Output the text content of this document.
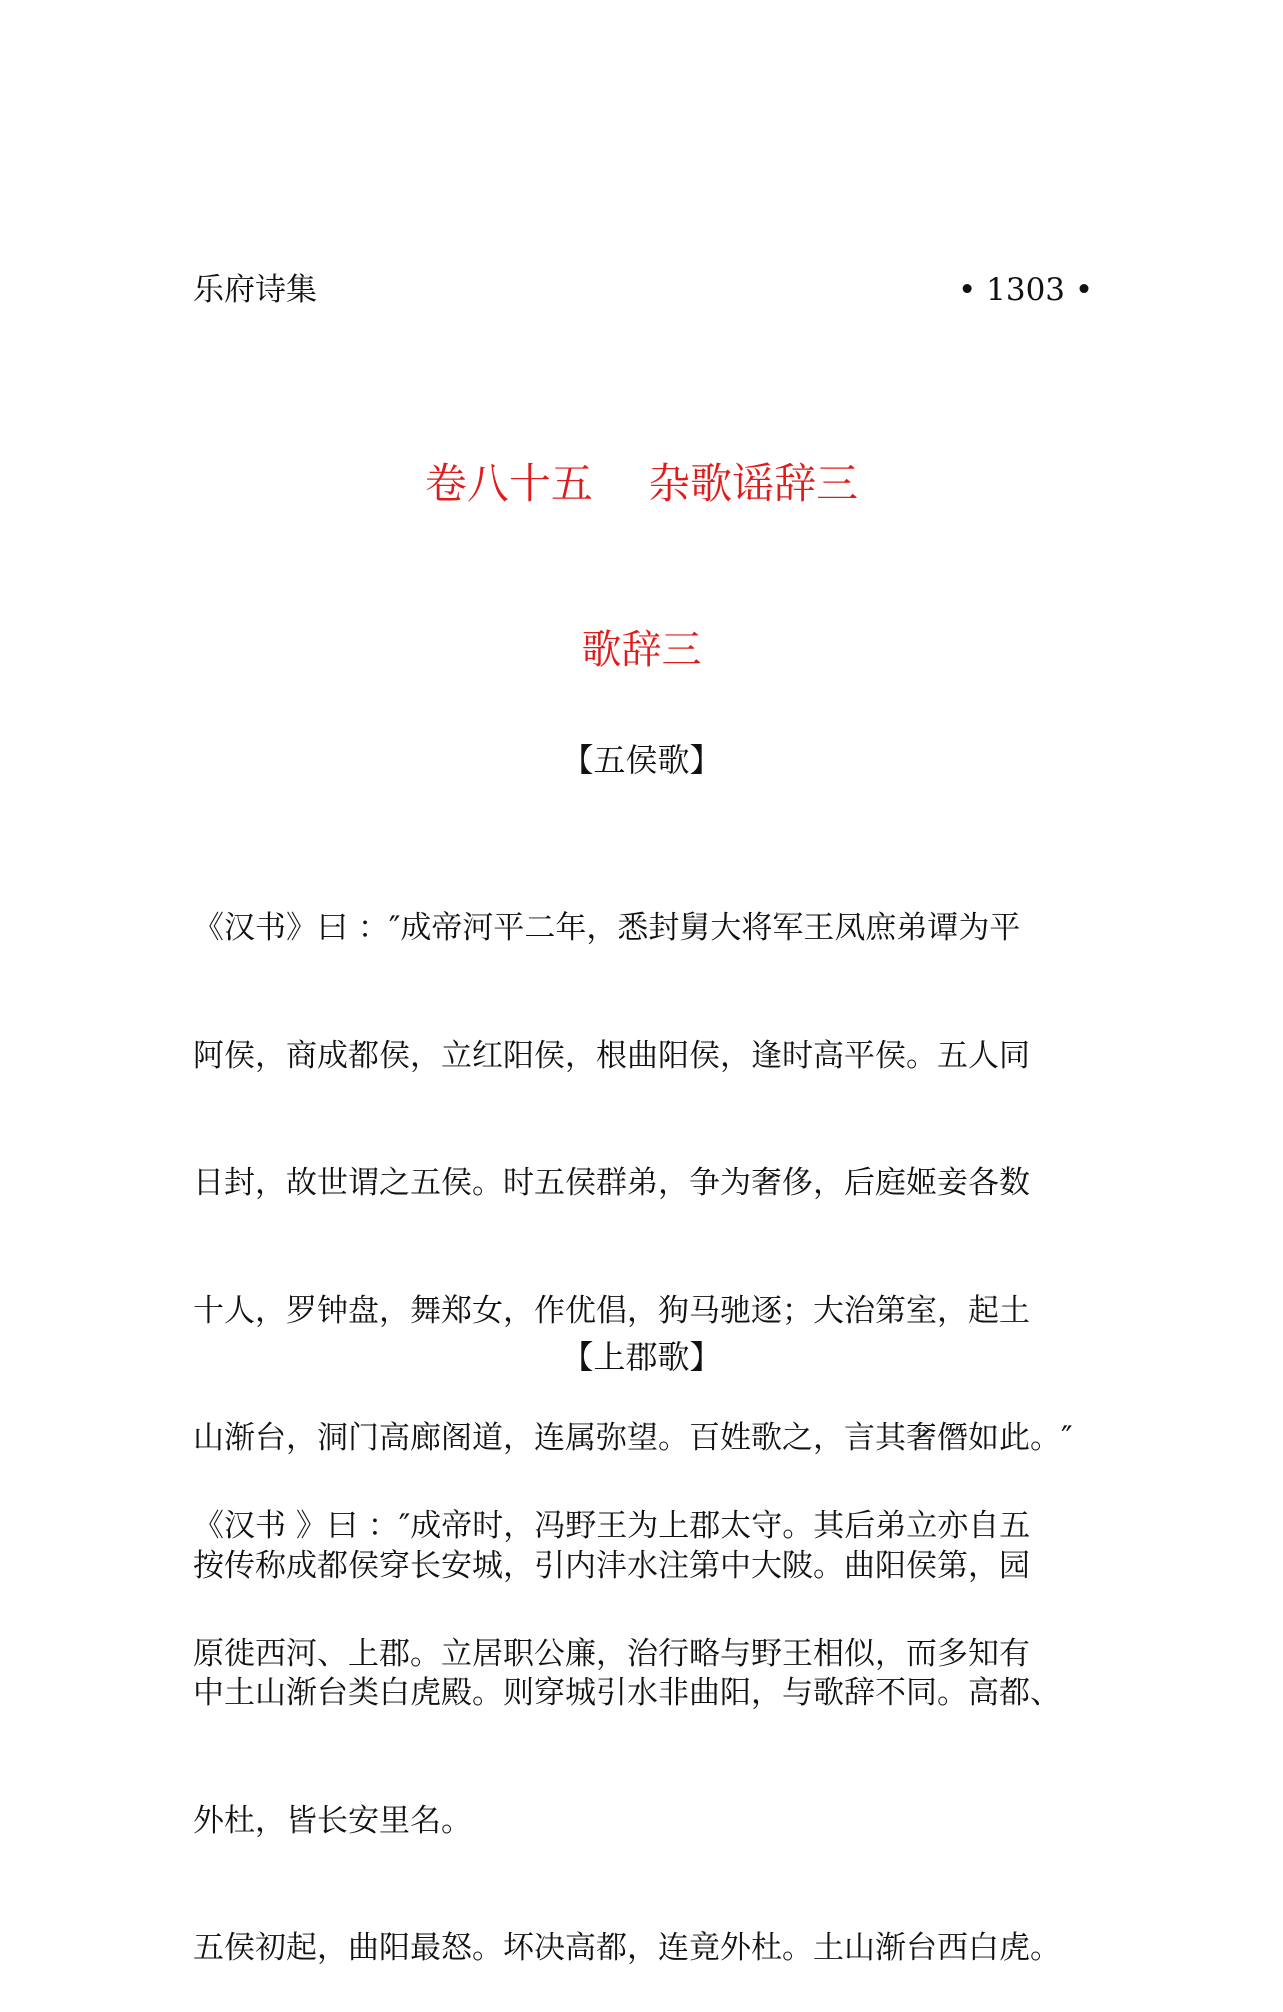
乐府诗集	• 1303 •
卷八十五　 杂歌谣辞三
歌辞三
【五侯歌】

《汉书》曰 ：″成帝河平二年，悉封舅大将军王凤庶弟谭为平

阿侯，商成都侯，立红阳侯，根曲阳侯，逢时高平侯。五人同

日封，故世谓之五侯。时五侯群弟，争为奢侈，后庭姬妾各数

十人，罗钟盘，舞郑女，作优倡，狗马驰逐；大治第室，起土

山渐台，洞门高廊阁道，连属弥望。百姓歌之，言其奢僭如此。″

按传称成都侯穿长安城，引内沣水注第中大陂。曲阳侯第，园

中土山渐台类白虎殿。则穿城引水非曲阳，与歌辞不同。高都、

外杜，皆长安里名。

五侯初起，曲阳最怒。坏决高都，连竟外杜。土山渐台西白虎。

【上郡歌】

《汉书 》曰 ：″成帝时，冯野王为上郡太守。其后弟立亦自五

原徙西河、上郡。立居职公廉，治行略与野王相似，而多知有
